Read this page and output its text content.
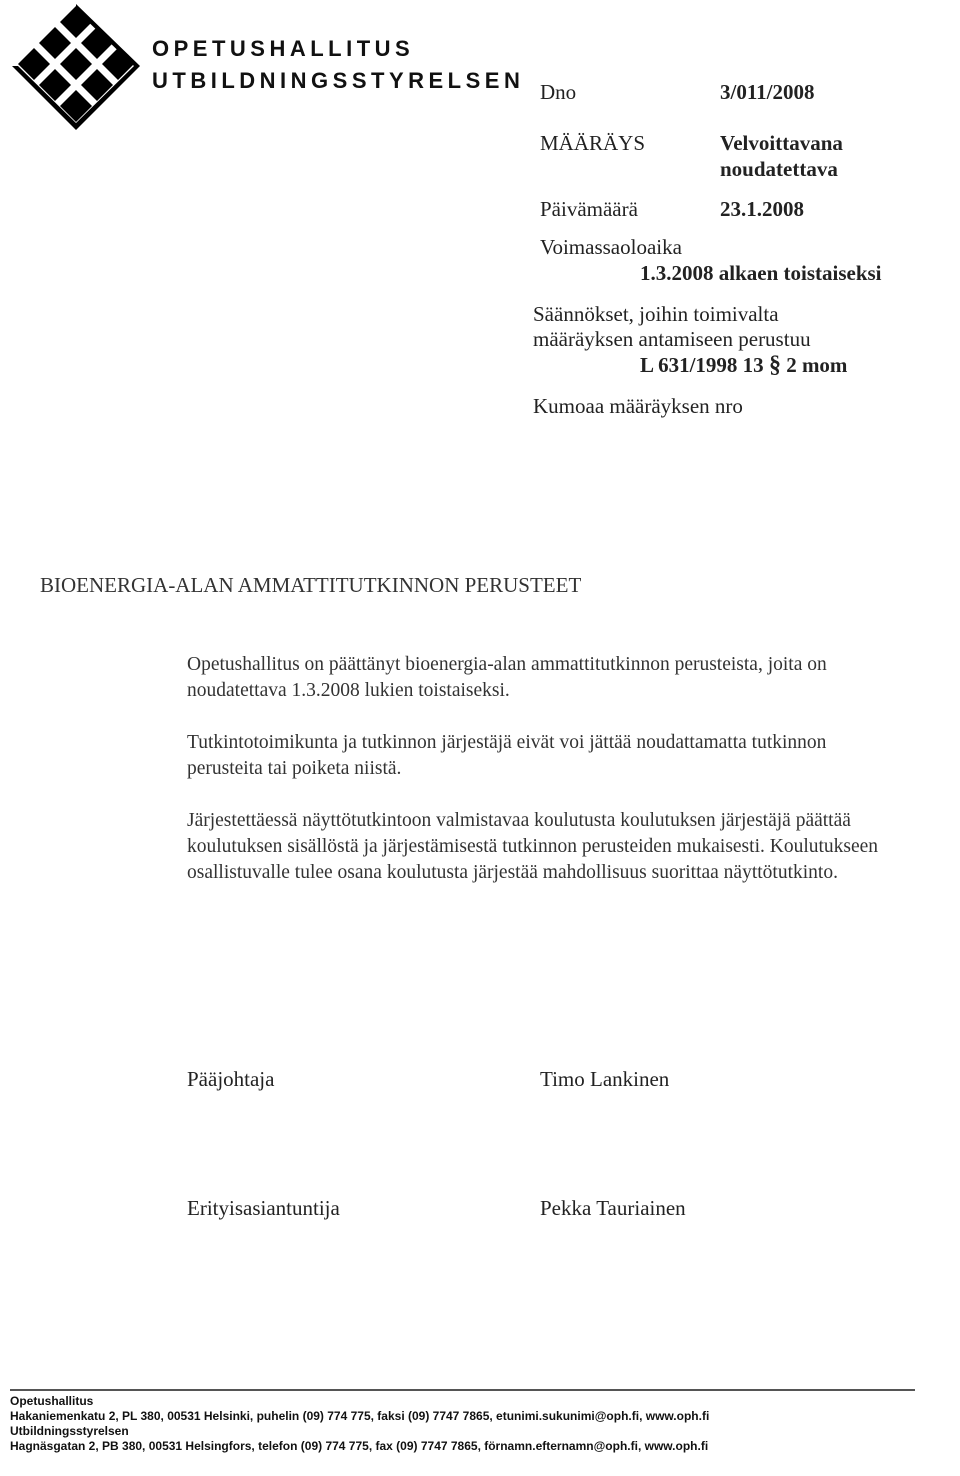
OPETUSHALLITUS
UTBILDNINGSSTYRELSEN Dno	3/011/2008
MÄÄRÄYS	Velvoittavana
noudatettava
Päivämäärä	23.1.2008
Voimassaoloaika
1.3.2008 alkaen toistaiseksi
Säännökset, joihin toimivalta
määräyksen antamiseen perustuu
L 631/1998 13 § 2 mom
Kumoaa määräyksen nro
BIOENERGIA-ALAN AMMATTITUTKINNON PERUSTEET

Opetushallitus on päättänyt bioenergia-alan ammattitutkinnon perusteista, joita on noudatettava 1.3.2008 lukien toistaiseksi.

Tutkintotoimikunta ja tutkinnon järjestäjä eivät voi jättää noudattamatta tutkinnon perusteita tai poiketa niistä.

Järjestettäessä näyttötutkintoon valmistavaa koulutusta koulutuksen järjestäjä päättää koulutuksen sisällöstä ja järjestämisestä tutkinnon perusteiden mukaisesti. Koulutukseen osallistuvalle tulee osana koulutusta järjestää mahdollisuus suorittaa näyttötutkinto.

Pääjohtaja	Timo Lankinen
Erityisasiantuntija	Pekka Tauriainen
Opetushallitus
Hakaniemenkatu 2, PL 380, 00531 Helsinki, puhelin (09) 774 775, faksi (09) 7747 7865, etunimi.sukunimi@oph.fi, www.oph.fi
Utbildningsstyrelsen
Hagnäsgatan 2, PB 380, 00531 Helsingfors, telefon (09) 774 775, fax (09) 7747 7865, förnamn.efternamn@oph.fi, www.oph.fi
